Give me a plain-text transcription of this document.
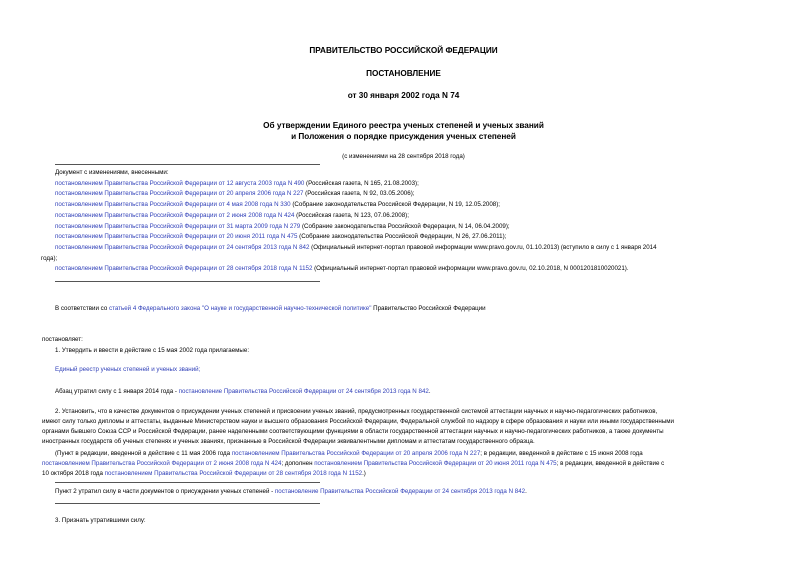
ПРАВИТЕЛЬСТВО РОССИЙСКОЙ ФЕДЕРАЦИИ
ПОСТАНОВЛЕНИЕ
от 30 января 2002 года N 74
Об утверждении Единого реестра ученых степеней и ученых званий
и Положения о порядке присуждения ученых степеней
(с изменениями на 28 сентября 2018 года)
Документ с изменениями, внесенными:
постановлением Правительства Российской Федерации от 12 августа 2003 года N 490 (Российская газета, N 165, 21.08.2003);
постановлением Правительства Российской Федерации от 20 апреля 2006 года N 227 (Российская газета, N 92, 03.05.2006);
постановлением Правительства Российской Федерации от 4 мая 2008 года N 330 (Собрание законодательства Российской Федерации, N 19, 12.05.2008);
постановлением Правительства Российской Федерации от 2 июня 2008 года N 424 (Российская газета, N 123, 07.06.2008);
постановлением Правительства Российской Федерации от 31 марта 2009 года N 279 (Собрание законодательства Российской Федерации, N 14, 06.04.2009);
постановлением Правительства Российской Федерации от 20 июня 2011 года N 475 (Собрание законодательства Российской Федерации, N 26, 27.06.2011);
постановлением Правительства Российской Федерации от 24 сентября 2013 года N 842 (Официальный интернет-портал правовой информации www.pravo.gov.ru, 01.10.2013) (вступило в силу с 1 января 2014
года);
постановлением Правительства Российской Федерации от 28 сентября 2018 года N 1152 (Официальный интернет-портал правовой информации www.pravo.gov.ru, 02.10.2018, N 0001201810020021).
В соответствии со статьей 4 Федерального закона "О науке и государственной научно-технической политике" Правительство Российской Федерации
постановляет:
1. Утвердить и ввести в действие с 15 мая 2002 года прилагаемые:
Единый реестр ученых степеней и ученых званий;
Абзац утратил силу с 1 января 2014 года - постановление Правительства Российской Федерации от 24 сентября 2013 года N 842.
2. Установить, что в качестве документов о присуждении ученых степеней и присвоении ученых званий, предусмотренных государственной системой аттестации научных и научно-педагогических работников,
имеют силу только дипломы и аттестаты, выданные Министерством науки и высшего образования Российской Федерации, Федеральной службой по надзору в сфере образования и науки или иными государственными
органами бывшего Союза ССР и Российской Федерации, ранее наделенными соответствующими функциями в области государственной аттестации научных и научно-педагогических работников, а также документы
иностранных государств об ученых степенях и ученых званиях, признанные в Российской Федерации эквивалентными дипломам и аттестатам государственного образца.
(Пункт в редакции, введенной в действие с 11 мая 2006 года постановлением Правительства Российской Федерации от 20 апреля 2006 года N 227; в редакции, введенной в действие с 15 июня 2008 года
постановлением Правительства Российской Федерации от 2 июня 2008 года N 424; дополнен постановлением Правительства Российской Федерации от 20 июня 2011 года N 475; в редакции, введенной в действие с
10 октября 2018 года постановлением Правительства Российской Федерации от 28 сентября 2018 года N 1152.)
Пункт 2 утратил силу в части документов о присуждении ученых степеней - постановление Правительства Российской Федерации от 24 сентября 2013 года N 842.
3. Признать утратившими силу:
